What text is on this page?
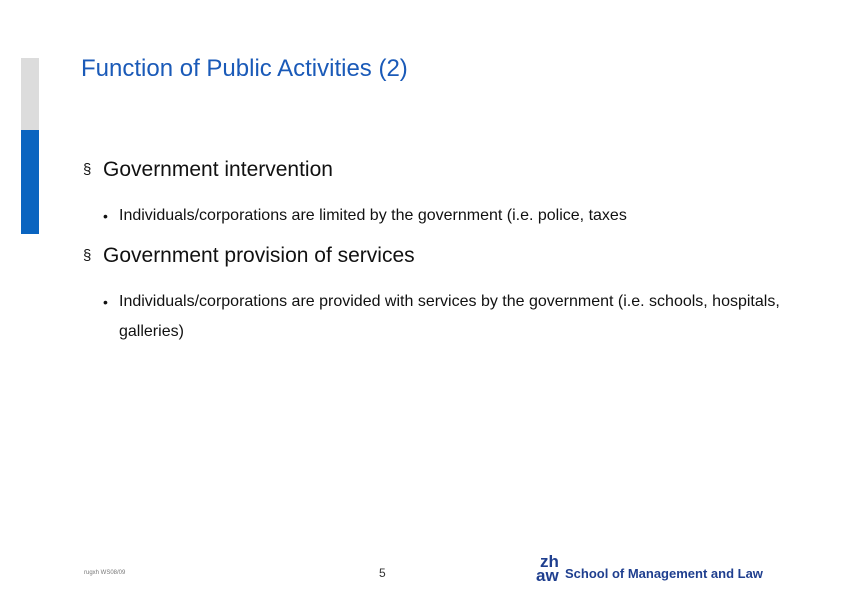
Function of Public Activities (2)
§ Government intervention
• Individuals/corporations are limited by the government (i.e. police, taxes
§ Government provision of services
• Individuals/corporations are provided with services by the government (i.e. schools, hospitals, galleries)
rugxh WS08/09	5
zh
aw School of Management and Law
